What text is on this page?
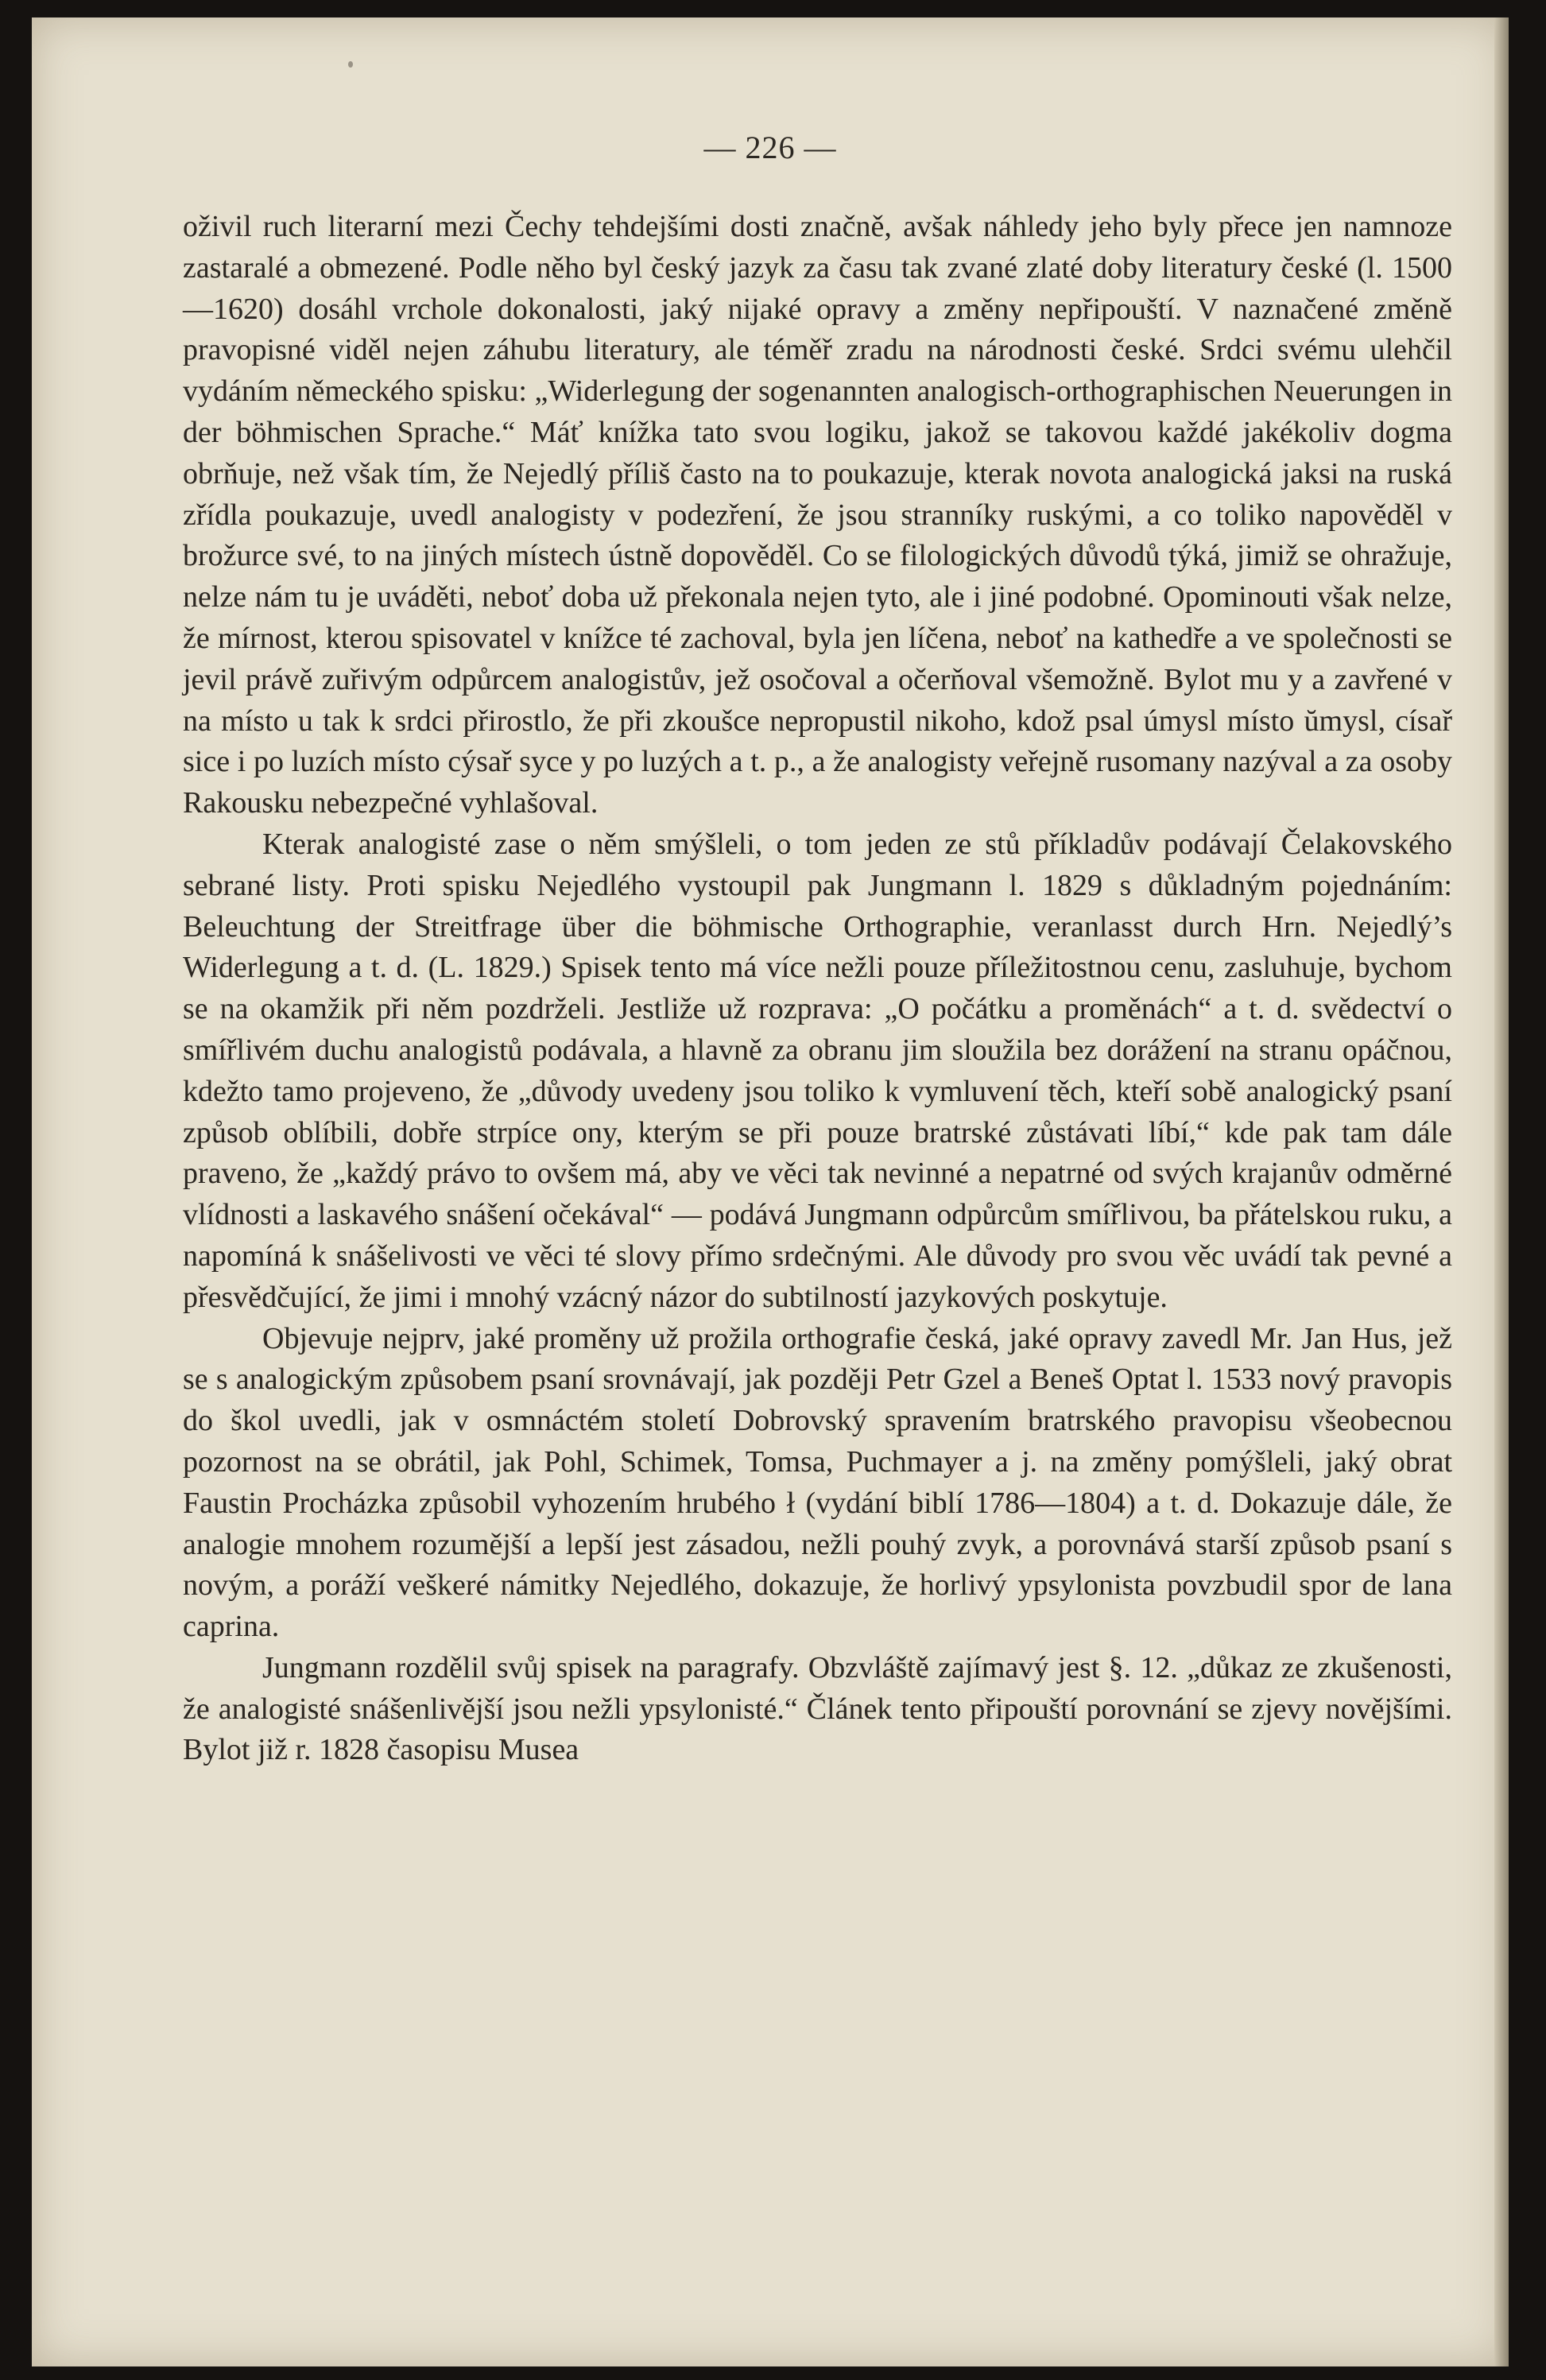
— 226 —

oživil ruch literarní mezi Čechy tehdejšími dosti značně, avšak náhledy jeho byly přece jen namnoze zastaralé a obmezené. Podle něho byl český jazyk za času tak zvané zlaté doby literatury české (l. 1500—1620) dosáhl vrchole dokonalosti, jaký nijaké opravy a změny nepřipouští. V naznačené změně pravopisné viděl nejen záhubu literatury, ale téměř zradu na národnosti české. Srdci svému ulehčil vydáním německého spisku: „Widerlegung der sogenannten analogisch-orthographischen Neuerungen in der böhmischen Sprache.“ Máť knížka tato svou logiku, jakož se takovou každé jakékoliv dogma obrňuje, než však tím, že Nejedlý příliš často na to poukazuje, kterak novota analogická jaksi na ruská zřídla poukazuje, uvedl analogisty v podezření, že jsou stranníky ruskými, a co toliko napověděl v brožurce své, to na jiných místech ústně dopověděl. Co se filologických důvodů týká, jimiž se ohražuje, nelze nám tu je uváděti, neboť doba už překonala nejen tyto, ale i jiné podobné. Opominouti však nelze, že mírnost, kterou spisovatel v knížce té zachoval, byla jen líčena, neboť na kathedře a ve společnosti se jevil právě zuřivým odpůrcem analogistův, jež osočoval a očerňoval všemožně. Bylot mu y a zavřené v na místo u tak k srdci přirostlo, že při zkoušce nepropustil nikoho, kdož psal úmysl místo ŭmysl, císař sice i po luzích místo cýsař syce y po luzých a t. p., a že analogisty veřejně rusomany nazýval a za osoby Rakousku nebezpečné vyhlašoval.

Kterak analogisté zase o něm smýšleli, o tom jeden ze stů příkladův podávají Čelakovského sebrané listy. Proti spisku Nejedlého vystoupil pak Jungmann l. 1829 s důkladným pojednáním: Beleuchtung der Streitfrage über die böhmische Orthographie, veranlasst durch Hrn. Nejedlý’s Widerlegung a t. d. (L. 1829.) Spisek tento má více nežli pouze příležitostnou cenu, zasluhuje, bychom se na okamžik při něm pozdrželi. Jestliže už rozprava: „O počátku a proměnách“ a t. d. svědectví o smířlivém duchu analogistů podávala, a hlavně za obranu jim sloužila bez dorážení na stranu opáčnou, kdežto tamo projeveno, že „důvody uvedeny jsou toliko k vymluvení těch, kteří sobě analogický psaní způsob oblíbili, dobře strpíce ony, kterým se při pouze bratrské zůstávati líbí,“ kde pak tam dále praveno, že „každý právo to ovšem má, aby ve věci tak nevinné a nepatrné od svých krajanův odměrné vlídnosti a laskavého snášení očekával“ — podává Jungmann odpůrcům smířlivou, ba přátelskou ruku, a napomíná k snášelivosti ve věci té slovy přímo srdečnými. Ale důvody pro svou věc uvádí tak pevné a přesvědčující, že jimi i mnohý vzácný názor do subtilností jazykových poskytuje.

Objevuje nejprv, jaké proměny už prožila orthografie česká, jaké opravy zavedl Mr. Jan Hus, jež se s analogickým způsobem psaní srovnávají, jak později Petr Gzel a Beneš Optat l. 1533 nový pravopis do škol uvedli, jak v osmnáctém století Dobrovský spravením bratrského pravopisu všeobecnou pozornost na se obrátil, jak Pohl, Schimek, Tomsa, Puchmayer a j. na změny pomýšleli, jaký obrat Faustin Procházka způsobil vyhozením hrubého ł (vydání biblí 1786—1804) a t. d. Dokazuje dále, že analogie mnohem rozumější a lepší jest zásadou, nežli pouhý zvyk, a porovnává starší způsob psaní s novým, a poráží veškeré námitky Nejedlého, dokazuje, že horlivý ypsylonista povzbudil spor de lana caprina.

Jungmann rozdělil svůj spisek na paragrafy. Obzvláště zajímavý jest §. 12. „důkaz ze zkušenosti, že analogisté snášenlivější jsou nežli ypsylonisté.“ Článek tento připouští porovnání se zjevy novějšími. Bylot již r. 1828 časopisu Musea
